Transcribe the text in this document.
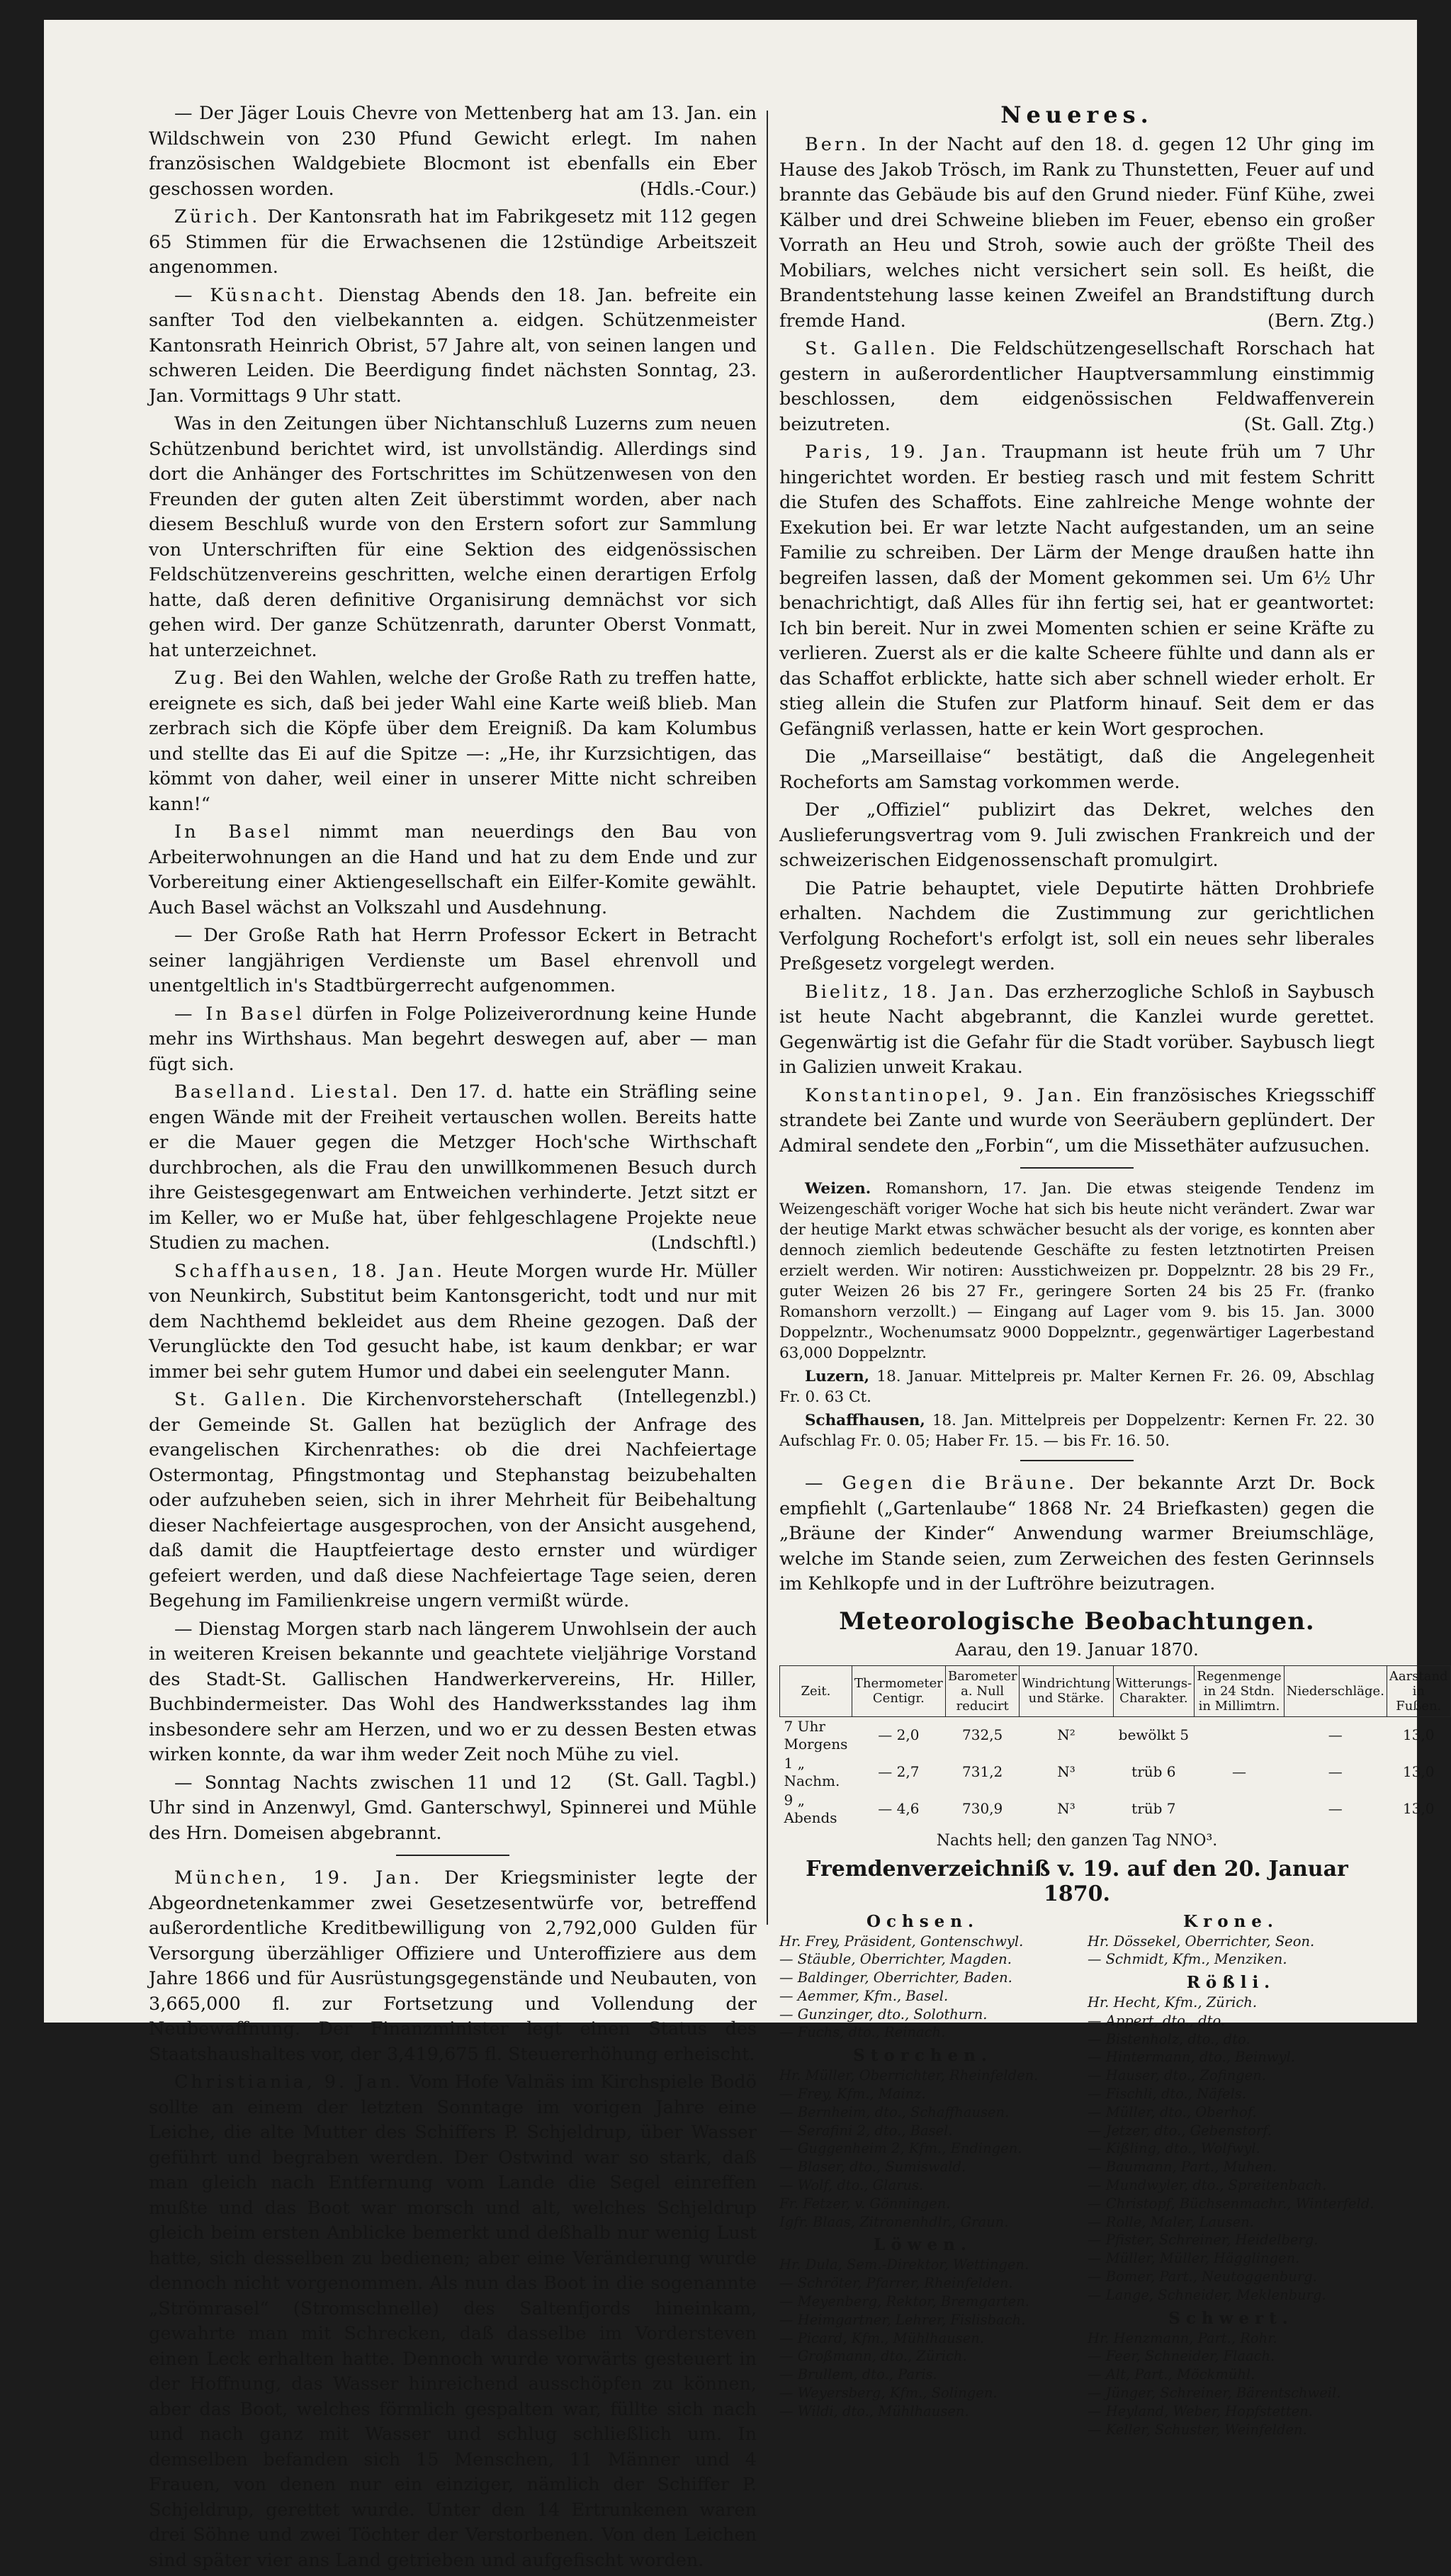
— Der Jäger Louis Chevre von Mettenberg hat am 13. Jan. ein Wildschwein von 230 Pfund Gewicht erlegt. Im nahen französischen Waldgebiete Blocmont ist ebenfalls ein Eber geschossen worden.	(Hdls.-Cour.)

Zürich. Der Kantonsrath hat im Fabrikgesetz mit 112 gegen 65 Stimmen für die Erwachsenen die 12stündige Arbeitszeit angenommen.

— Küsnacht. Dienstag Abends den 18. Jan. befreite ein sanfter Tod den vielbekannten a. eidgen. Schützenmeister Kantonsrath Heinrich Obrist, 57 Jahre alt, von seinen langen und schweren Leiden. Die Beerdigung findet nächsten Sonntag, 23. Jan. Vormittags 9 Uhr statt.

Was in den Zeitungen über Nichtanschluß Luzerns zum neuen Schützenbund berichtet wird, ist unvollständig. Allerdings sind dort die Anhänger des Fortschrittes im Schützenwesen von den Freunden der guten alten Zeit überstimmt worden, aber nach diesem Beschluß wurde von den Erstern sofort zur Sammlung von Unterschriften für eine Sektion des eidgenössischen Feldschützenvereins geschritten, welche einen derartigen Erfolg hatte, daß deren definitive Organisirung demnächst vor sich gehen wird. Der ganze Schützenrath, darunter Oberst Vonmatt, hat unterzeichnet.

Zug. Bei den Wahlen, welche der Große Rath zu treffen hatte, ereignete es sich, daß bei jeder Wahl eine Karte weiß blieb. Man zerbrach sich die Köpfe über dem Ereigniß. Da kam Kolumbus und stellte das Ei auf die Spitze —: „He, ihr Kurzsichtigen, das kömmt von daher, weil einer in unserer Mitte nicht schreiben kann!“

In Basel nimmt man neuerdings den Bau von Arbeiterwohnungen an die Hand und hat zu dem Ende und zur Vorbereitung einer Aktiengesellschaft ein Eilfer-Komite gewählt. Auch Basel wächst an Volkszahl und Ausdehnung.

— Der Große Rath hat Herrn Professor Eckert in Betracht seiner langjährigen Verdienste um Basel ehrenvoll und unentgeltlich in's Stadtbürgerrecht aufgenommen.

— In Basel dürfen in Folge Polizeiverordnung keine Hunde mehr ins Wirthshaus. Man begehrt deswegen auf, aber — man fügt sich.

Baselland. Liestal. Den 17. d. hatte ein Sträfling seine engen Wände mit der Freiheit vertauschen wollen. Bereits hatte er die Mauer gegen die Metzger Hoch'sche Wirthschaft durchbrochen, als die Frau den unwillkommenen Besuch durch ihre Geistesgegenwart am Entweichen verhinderte. Jetzt sitzt er im Keller, wo er Muße hat, über fehlgeschlagene Projekte neue Studien zu machen.	(Lndschftl.)

Schaffhausen, 18. Jan. Heute Morgen wurde Hr. Müller von Neunkirch, Substitut beim Kantonsgericht, todt und nur mit dem Nachthemd bekleidet aus dem Rheine gezogen. Daß der Verunglückte den Tod gesucht habe, ist kaum denkbar; er war immer bei sehr gutem Humor und dabei ein seelenguter Mann.
(Intellegenzbl.)

St. Gallen. Die Kirchenvorsteherschaft der Gemeinde St. Gallen hat bezüglich der Anfrage des evangelischen Kirchenrathes: ob die drei Nachfeiertage Ostermontag, Pfingstmontag und Stephanstag beizubehalten oder aufzuheben seien, sich in ihrer Mehrheit für Beibehaltung dieser Nachfeiertage ausgesprochen, von der Ansicht ausgehend, daß damit die Hauptfeiertage desto ernster und würdiger gefeiert werden, und daß diese Nachfeiertage Tage seien, deren Begehung im Familienkreise ungern vermißt würde.

— Dienstag Morgen starb nach längerem Unwohlsein der auch in weiteren Kreisen bekannte und geachtete vieljährige Vorstand des Stadt-St. Gallischen Handwerkervereins, Hr. Hiller, Buchbindermeister. Das Wohl des Handwerksstandes lag ihm insbesondere sehr am Herzen, und wo er zu dessen Besten etwas wirken konnte, da war ihm weder Zeit noch Mühe zu viel.
(St. Gall. Tagbl.)

— Sonntag Nachts zwischen 11 und 12 Uhr sind in Anzenwyl, Gmd. Ganterschwyl, Spinnerei und Mühle des Hrn. Domeisen abgebrannt.

München, 19. Jan. Der Kriegsminister legte der Abgeordnetenkammer zwei Gesetzesentwürfe vor, betreffend außerordentliche Kreditbewilligung von 2,792,000 Gulden für Versorgung überzähliger Offiziere und Unteroffiziere aus dem Jahre 1866 und für Ausrüstungsgegenstände und Neubauten, von 3,665,000 fl. zur Fortsetzung und Vollendung der Neubewaffnung. Der Finanzminister legt einen Status des Staatshaushaltes vor, der 3,419,675 fl. Steuererhöhung erheischt.

Christiania, 9. Jan. Vom Hofe Valnäs im Kirchspiele Bodö sollte an einem der letzten Sonntage im vorigen Jahre eine Leiche, die alte Mutter des Schiffers P. Schjeldrup, über Wasser geführt und begraben werden. Der Ostwind war so stark, daß man gleich nach Entfernung vom Lande die Segel einreffen mußte und das Boot war morsch und alt, welches Schjeldrup gleich beim ersten Anblicke bemerkt und deßhalb nur wenig Lust hatte, sich desselben zu bedienen; aber eine Veränderung wurde dennoch nicht vorgenommen. Als nun das Boot in die sogenannte „Strömrasel“ (Stromschnelle) des Saltenfjords hineinkam, gewahrte man mit Schrecken, daß dasselbe im Vordersteven einen Leck erhalten hatte. Dennoch wurde vorwärts gesteuert in der Hoffnung, das Wasser hinreichend ausschöpfen zu können, aber das Boot, welches förmlich gespalten war, füllte sich nach und nach ganz mit Wasser und schlug schließlich um. In demselben befanden sich 15 Menschen, 11 Männer und 4 Frauen, von denen nur ein einziger, nämlich der Schiffer P. Schjeldrup, gerettet wurde. Unter den 14 Ertrunkenen waren drei Söhne und zwei Töchter der Verstorbenen. Von den Leichen sind später vier ans Land getrieben und aufgefischt worden.

Neueres.

Bern. In der Nacht auf den 18. d. gegen 12 Uhr ging im Hause des Jakob Trösch, im Rank zu Thunstetten, Feuer auf und brannte das Gebäude bis auf den Grund nieder. Fünf Kühe, zwei Kälber und drei Schweine blieben im Feuer, ebenso ein großer Vorrath an Heu und Stroh, sowie auch der größte Theil des Mobiliars, welches nicht versichert sein soll. Es heißt, die Brandentstehung lasse keinen Zweifel an Brandstiftung durch fremde Hand.	(Bern. Ztg.)

St. Gallen. Die Feldschützengesellschaft Rorschach hat gestern in außerordentlicher Hauptversammlung einstimmig beschlossen, dem eidgenössischen Feldwaffenverein beizutreten.	(St. Gall. Ztg.)

Paris, 19. Jan. Traupmann ist heute früh um 7 Uhr hingerichtet worden. Er bestieg rasch und mit festem Schritt die Stufen des Schaffots. Eine zahlreiche Menge wohnte der Exekution bei. Er war letzte Nacht aufgestanden, um an seine Familie zu schreiben. Der Lärm der Menge draußen hatte ihn begreifen lassen, daß der Moment gekommen sei. Um 6½ Uhr benachrichtigt, daß Alles für ihn fertig sei, hat er geantwortet: Ich bin bereit. Nur in zwei Momenten schien er seine Kräfte zu verlieren. Zuerst als er die kalte Scheere fühlte und dann als er das Schaffot erblickte, hatte sich aber schnell wieder erholt. Er stieg allein die Stufen zur Platform hinauf. Seit dem er das Gefängniß verlassen, hatte er kein Wort gesprochen.

Die „Marseillaise“ bestätigt, daß die Angelegenheit Rocheforts am Samstag vorkommen werde.

Der „Offiziel“ publizirt das Dekret, welches den Auslieferungsvertrag vom 9. Juli zwischen Frankreich und der schweizerischen Eidgenossenschaft promulgirt.

Die Patrie behauptet, viele Deputirte hätten Drohbriefe erhalten. Nachdem die Zustimmung zur gerichtlichen Verfolgung Rochefort's erfolgt ist, soll ein neues sehr liberales Preßgesetz vorgelegt werden.

Bielitz, 18. Jan. Das erzherzogliche Schloß in Saybusch ist heute Nacht abgebrannt, die Kanzlei wurde gerettet. Gegenwärtig ist die Gefahr für die Stadt vorüber. Saybusch liegt in Galizien unweit Krakau.

Konstantinopel, 9. Jan. Ein französisches Kriegsschiff strandete bei Zante und wurde von Seeräubern geplündert. Der Admiral sendete den „Forbin“, um die Missethäter aufzusuchen.

Weizen. Romanshorn, 17. Jan. Die etwas steigende Tendenz im Weizengeschäft voriger Woche hat sich bis heute nicht verändert. Zwar war der heutige Markt etwas schwächer besucht als der vorige, es konnten aber dennoch ziemlich bedeutende Geschäfte zu festen letztnotirten Preisen erzielt werden. Wir notiren: Ausstichweizen pr. Doppelzntr. 28 bis 29 Fr., guter Weizen 26 bis 27 Fr., geringere Sorten 24 bis 25 Fr. (franko Romanshorn verzollt.) — Eingang auf Lager vom 9. bis 15. Jan. 3000 Doppelzntr., Wochenumsatz 9000 Doppelzntr., gegenwärtiger Lagerbestand 63,000 Doppelzntr.

Luzern, 18. Januar. Mittelpreis pr. Malter Kernen Fr. 26. 09, Abschlag Fr. 0. 63 Ct.

Schaffhausen, 18. Jan. Mittelpreis per Doppelzentr: Kernen Fr. 22. 30 Aufschlag Fr. 0. 05; Haber Fr. 15. — bis Fr. 16. 50.

— Gegen die Bräune. Der bekannte Arzt Dr. Bock empfiehlt („Gartenlaube“ 1868 Nr. 24 Briefkasten) gegen die „Bräune der Kinder“ Anwendung warmer Breiumschläge, welche im Stande seien, zum Zerweichen des festen Gerinnsels im Kehlkopfe und in der Luftröhre beizutragen.

Meteorologische Beobachtungen.
Aarau, den 19. Januar 1870.
Zeit.	Thermometer Centigr.	Barometer a. Null reducirt	Windrichtung und Stärke.	Witterungs-Charakter.	Regenmenge in 24 Stdn. in Millimtrn.	Niederschläge.	Aarstand in Fußen.
7 Uhr Morgens	— 2,0	732,5	N²	bewölkt 5		—	13,0
1 „ Nachm.	— 2,7	731,2	N³	trüb 6	—	—	13,0
9 „ Abends	— 4,6	730,9	N³	trüb 7		—	13,0
Nachts hell; den ganzen Tag NNO³.
Fremdenverzeichniß v. 19. auf den 20. Januar 1870.
Ochsen.
Hr. Frey, Präsident, Gontenschwyl.
— Stäuble, Oberrichter, Magden.
— Baldinger, Oberrichter, Baden.
— Aemmer, Kfm., Basel.
— Gunzinger, dto., Solothurn.
— Fuchs, dto., Reinach.
Storchen.
Hr. Müller, Oberrichter, Rheinfelden.
— Frey, Kfm., Mainz.
— Bernheim, dto., Schaffhausen.
— Serafini 2, dto., Basel.
— Guggenheim 2, Kfm., Endingen.
— Blaser, dto., Sumiswald.
— Wolf, dto., Glarus.
Fr. Fetzer, v. Gönningen.
Igfr. Blaas, Zitronenhdlr., Graun.
Löwen.
Hr. Dula, Sem.-Direktor, Wettingen.
— Schröter, Pfarrer, Rheinfelden.
— Meyenberg, Rektor, Bremgarten.
— Heimgartner, Lehrer, Fislisbach.
— Picard, Kfm., Mühlhausen.
— Großmann, dto., Zürich.
— Brullem, dto., Paris.
— Weyersberg, Kfm., Solingen.
— Wildi, dto., Mühlhausen.
Krone.
Hr. Dössekel, Oberrichter, Seon.
— Schmidt, Kfm., Menziken.
Rößli.
Hr. Hecht, Kfm., Zürich.
— Appert, dto., dto.
— Bistenholz, dto., dto.
— Hintermann, dto., Beinwyl.
— Hauser, dto., Zofingen.
— Fischli, dto., Näfels.
— Müller, dto., Oberhof.
— Jetzer, dto., Gebenstorf.
— Kißling, dto., Wolfwyl.
— Baumann, Part., Muhen.
— Mundwyler, dto., Spreitenbach.
— Christopf, Büchsenmachr., Winterfeld.
— Rolle, Maler, Lausen.
— Pfister, Schreiner, Heidelberg.
— Müller, Müller, Hägglingen.
— Bomer, Part., Neutoggenburg.
— Lange, Schneider, Meklenburg.
Schwert.
Hr. Henzmann, Part., Rohr.
— Feer, Schneider, Flaach.
— Alt, Part., Möckmühl.
— Jünger, Schreiner, Bärentschweil.
— Heyland, Weber, Hopfstetten.
— Keller, Schuster, Weinfelden.
